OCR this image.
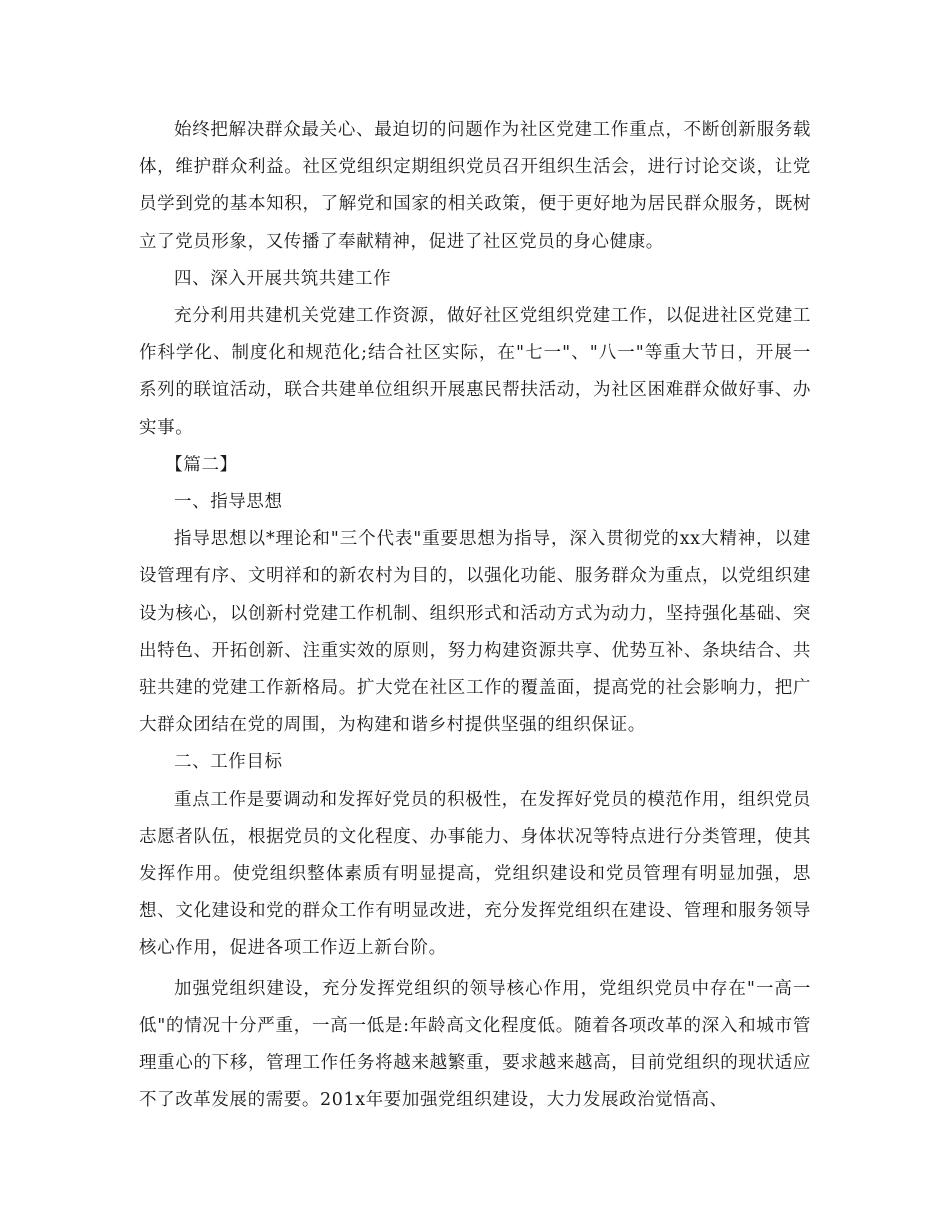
始终把解决群众最关心、最迫切的问题作为社区党建工作重点，不断创新服务载体，维护群众利益。社区党组织定期组织党员召开组织生活会，进行讨论交谈，让党员学到党的基本知积，了解党和国家的相关政策，便于更好地为居民群众服务，既树立了党员形象，又传播了奉献精神，促进了社区党员的身心健康。

四、深入开展共筑共建工作

充分利用共建机关党建工作资源，做好社区党组织党建工作，以促进社区党建工作科学化、制度化和规范化;结合社区实际，在"七一"、"八一"等重大节日，开展一系列的联谊活动，联合共建单位组织开展惠民帮扶活动，为社区困难群众做好事、办实事。

【篇二】

一、指导思想

指导思想以*理论和"三个代表"重要思想为指导，深入贯彻党的xx大精神，以建设管理有序、文明祥和的新农村为目的，以强化功能、服务群众为重点，以党组织建设为核心，以创新村党建工作机制、组织形式和活动方式为动力，坚持强化基础、突出特色、开拓创新、注重实效的原则，努力构建资源共享、优势互补、条块结合、共驻共建的党建工作新格局。扩大党在社区工作的覆盖面，提高党的社会影响力，把广大群众团结在党的周围，为构建和谐乡村提供坚强的组织保证。

二、工作目标

重点工作是要调动和发挥好党员的积极性，在发挥好党员的模范作用，组织党员志愿者队伍，根据党员的文化程度、办事能力、身体状况等特点进行分类管理，使其发挥作用。使党组织整体素质有明显提高，党组织建设和党员管理有明显加强，思想、文化建设和党的群众工作有明显改进，充分发挥党组织在建设、管理和服务领导核心作用，促进各项工作迈上新台阶。

加强党组织建设，充分发挥党组织的领导核心作用，党组织党员中存在"一高一低"的情况十分严重，一高一低是:年龄高文化程度低。随着各项改革的深入和城市管理重心的下移，管理工作任务将越来越繁重，要求越来越高，目前党组织的现状适应不了改革发展的需要。201x年要加强党组织建设，大力发展政治觉悟高、
